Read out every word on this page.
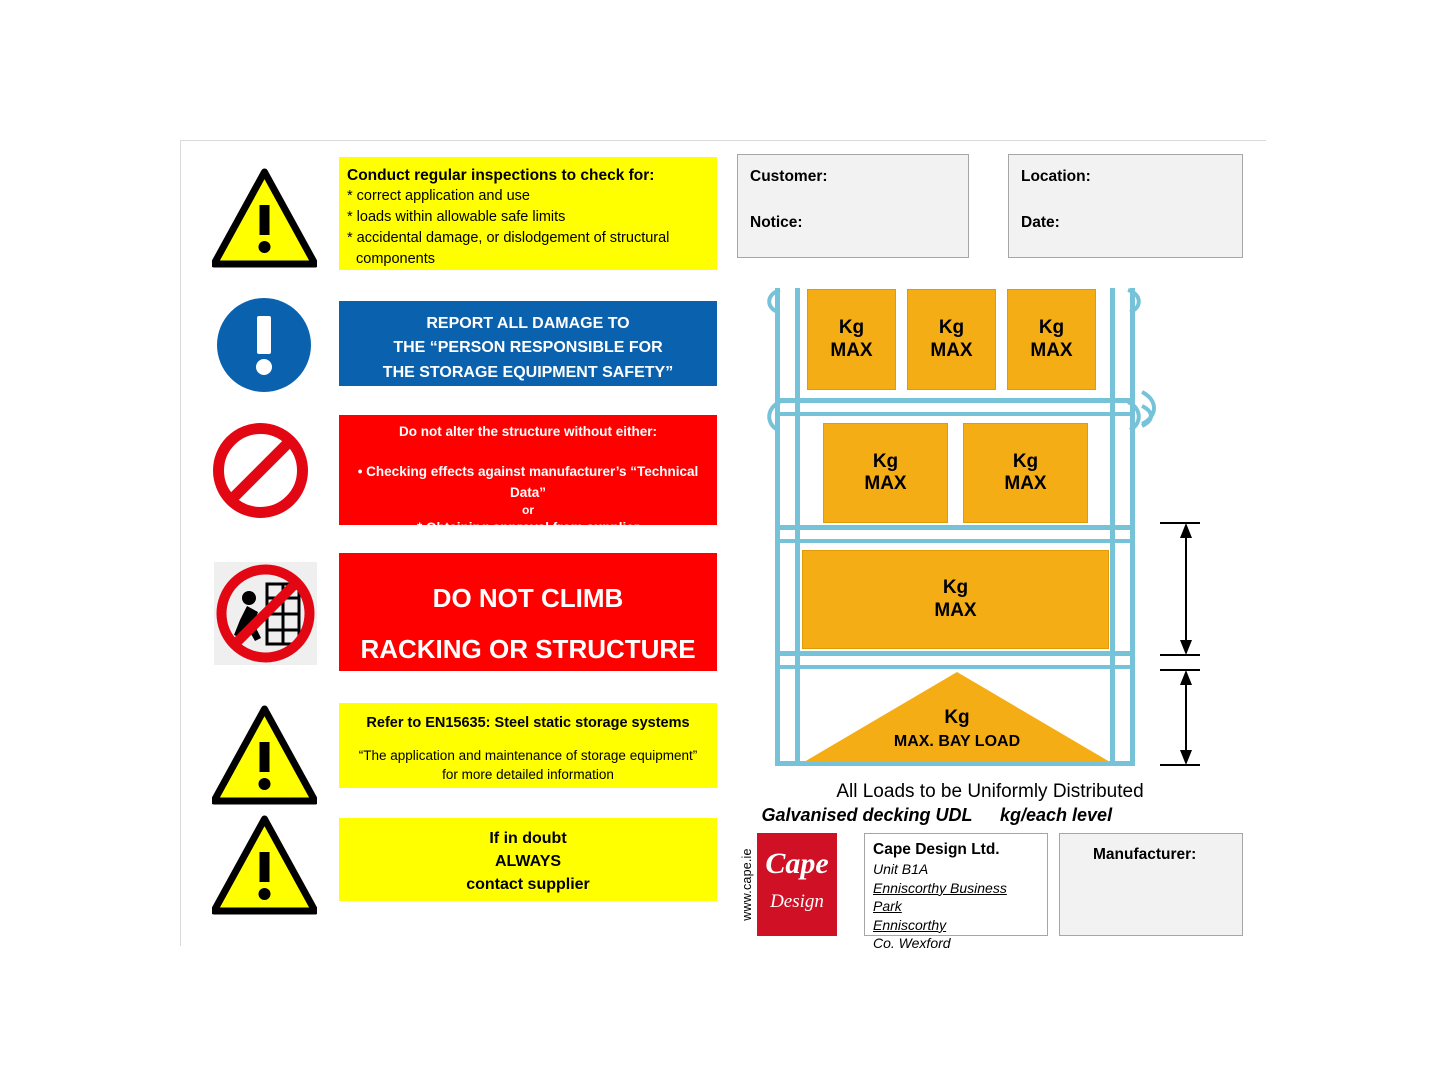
Conduct regular inspections to check for:
* correct application and use
* loads within allowable safe limits
* accidental damage, or dislodgement of structural
components
REPORT ALL DAMAGE TO
THE “PERSON RESPONSIBLE FOR
THE STORAGE EQUIPMENT SAFETY”
Do not alter the structure without either:
• Checking effects against manufacturer’s “Technical Data”
or
* Obtaining approval from supplier
DO NOT CLIMB
RACKING OR STRUCTURE
Refer to EN15635: Steel static storage systems
“The application and maintenance of storage equipment”
for more detailed information
If in doubt
ALWAYS
contact supplier
Customer:
Notice:
Location:
Date:
Kg
MAX
Kg
MAX
Kg
MAX
Kg
MAX
Kg
MAX
Kg
MAX
Kg
MAX. BAY LOAD
All Loads to be Uniformly Distributed
Galvanised decking UDL	kg/each level
www.cape.ie Cape
Design
Cape Design Ltd.
Unit B1A
Enniscorthy Business Park
Enniscorthy
Co. Wexford
Manufacturer:
